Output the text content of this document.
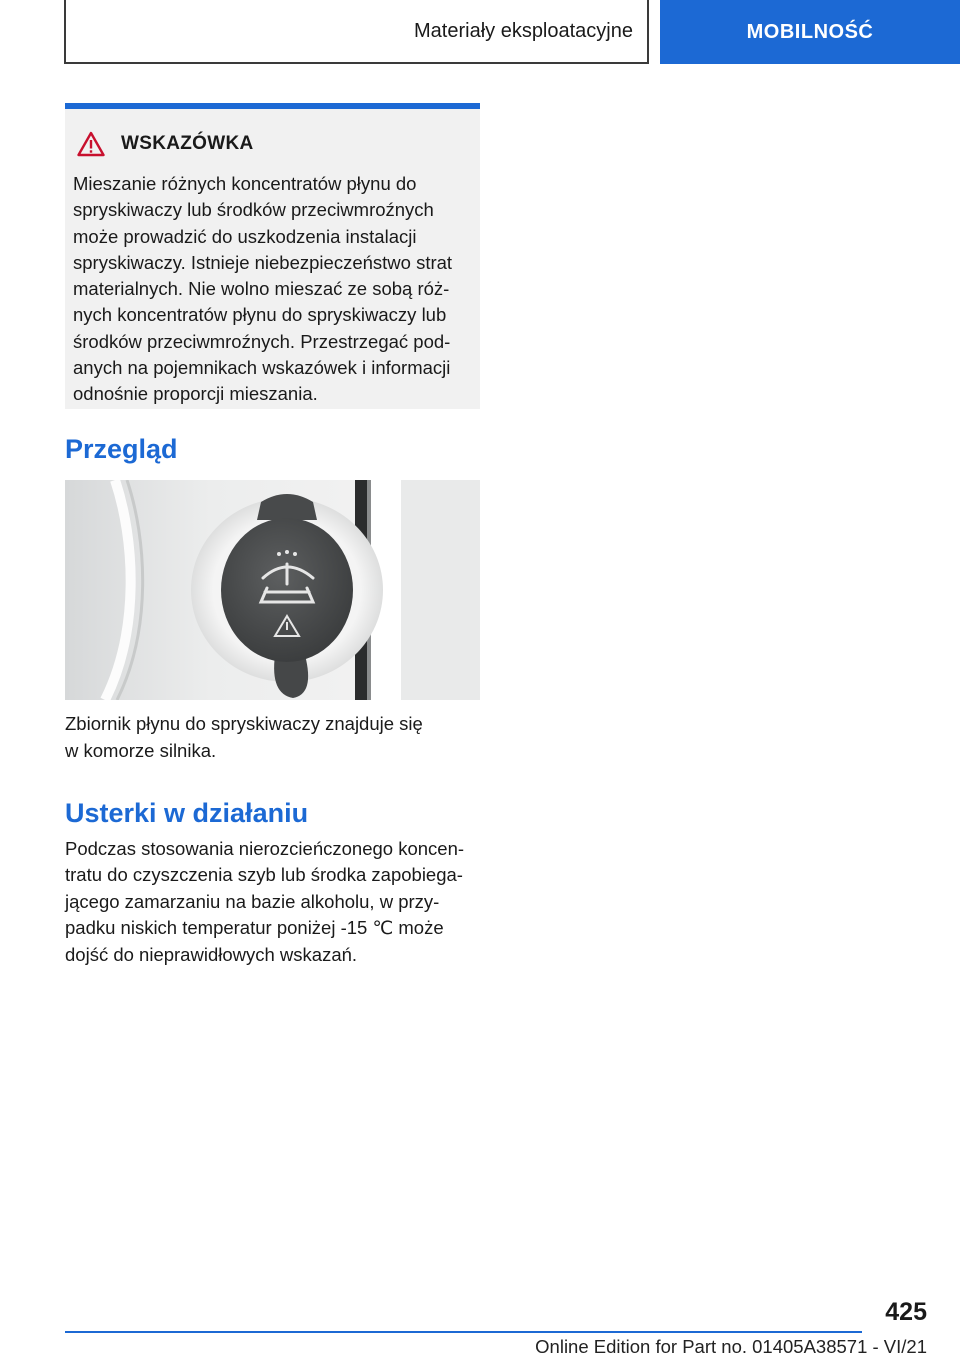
Materiały eksploatacyjne	MOBILNOŚĆ
WSKAZÓWKA
Mieszanie różnych koncentratów płynu do
spryskiwaczy lub środków przeciwmroźnych
może prowadzić do uszkodzenia instalacji
spryskiwaczy. Istnieje niebezpieczeństwo strat
materialnych. Nie wolno mieszać ze sobą róż-
nych koncentratów płynu do spryskiwaczy lub
środków przeciwmroźnych. Przestrzegać pod-
anych na pojemnikach wskazówek i informacji
odnośnie proporcji mieszania.
Przegląd
Zbiornik płynu do spryskiwaczy znajduje się
w komorze silnika.
Usterki w działaniu
Podczas stosowania nierozcieńczonego koncen-
tratu do czyszczenia szyb lub środka zapobiega-
jącego zamarzaniu na bazie alkoholu, w przy-
padku niskich temperatur poniżej -15 ℃ może
dojść do nieprawidłowych wskazań.
425
Online Edition for Part no. 01405A38571 - VI/21
